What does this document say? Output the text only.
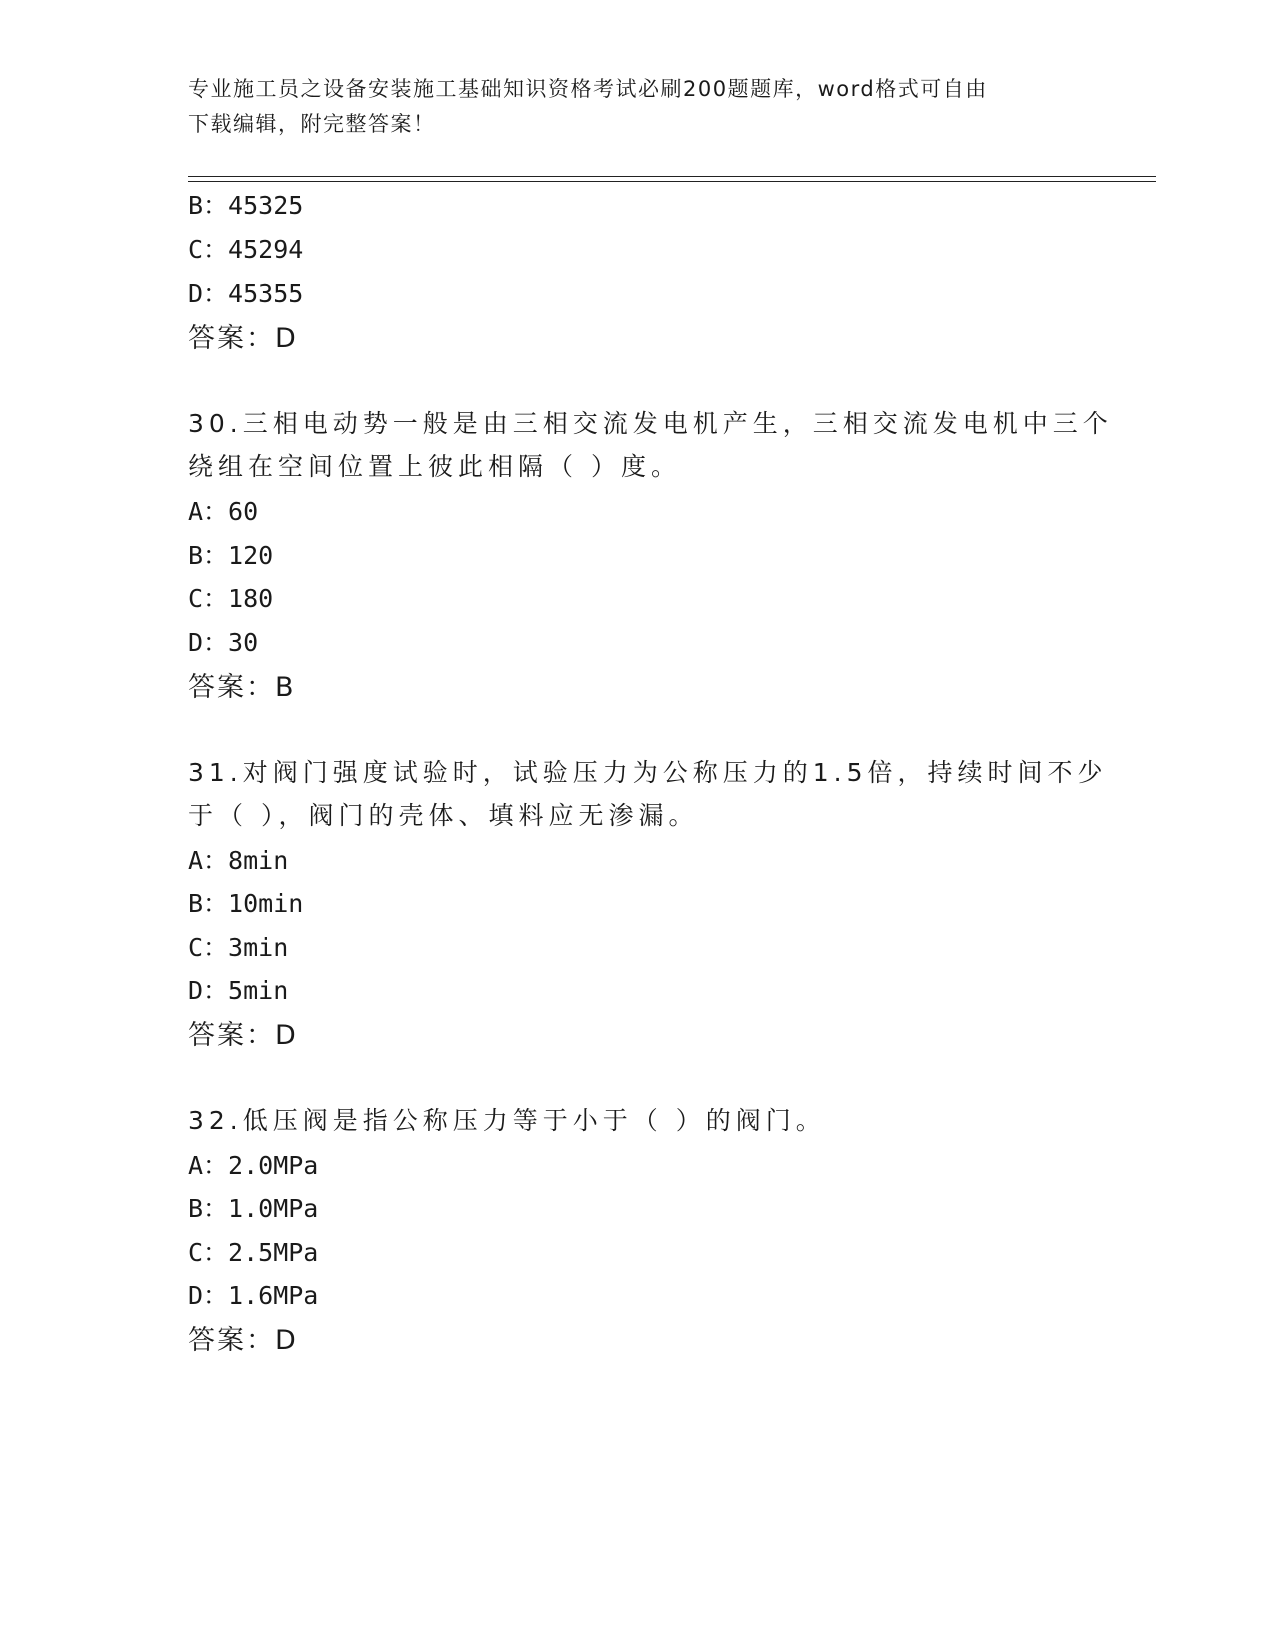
专业施工员之设备安装施工基础知识资格考试必刷200题题库，word格式可自由
下载编辑，附完整答案！
B：45325
C：45294
D：45355
答案：D
30.三相电动势一般是由三相交流发电机产生，三相交流发电机中三个
绕组在空间位置上彼此相隔（ ）度。
A：60
B：120
C：180
D：30
答案：B
31.对阀门强度试验时，试验压力为公称压力的1.5倍，持续时间不少
于（ ），阀门的壳体、填料应无渗漏。
A：8min
B：10min
C：3min
D：5min
答案：D
32.低压阀是指公称压力等于小于（ ）的阀门。
A：2.0MPa
B：1.0MPa
C：2.5MPa
D：1.6MPa
答案：D
